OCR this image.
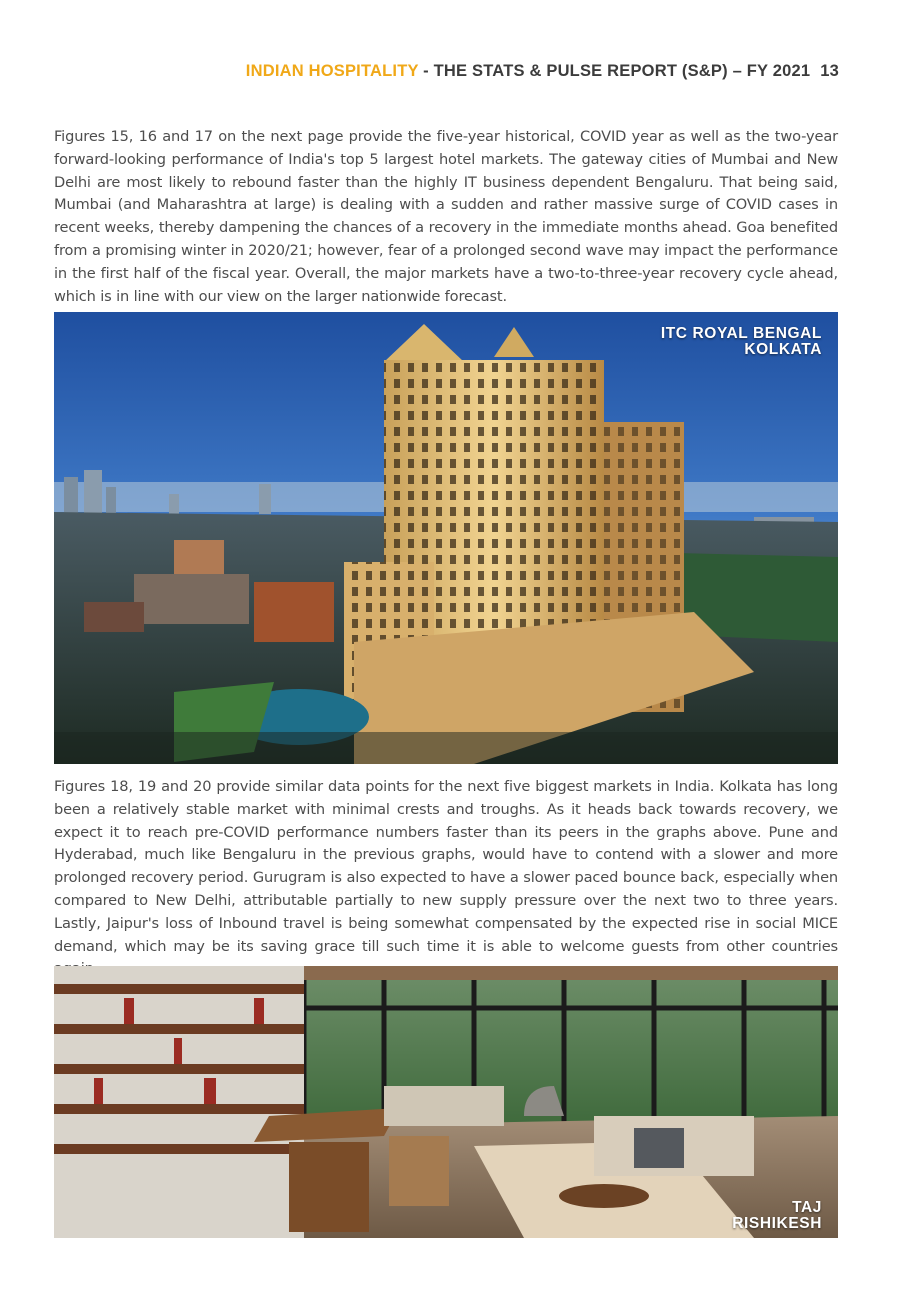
INDIAN HOSPITALITY - THE STATS & PULSE REPORT (S&P) – FY 2021 13

Figures 15, 16 and 17 on the next page provide the five-year historical, COVID year as well as the two-year forward-looking performance of India's top 5 largest hotel markets. The gateway cities of Mumbai and New Delhi are most likely to rebound faster than the highly IT business dependent Bengaluru. That being said, Mumbai (and Maharashtra at large) is dealing with a sudden and rather massive surge of COVID cases in recent weeks, thereby dampening the chances of a recovery in the immediate months ahead. Goa benefited from a promising winter in 2020/21; however, fear of a prolonged second wave may impact the performance in the first half of the fiscal year. Overall, the major markets have a two-to-three-year recovery cycle ahead, which is in line with our view on the larger nationwide forecast.

ITC ROYAL BENGAL
KOLKATA

Figures 18, 19 and 20 provide similar data points for the next five biggest markets in India. Kolkata has long been a relatively stable market with minimal crests and troughs. As it heads back towards recovery, we expect it to reach pre-COVID performance numbers faster than its peers in the graphs above. Pune and Hyderabad, much like Bengaluru in the previous graphs, would have to contend with a slower and more prolonged recovery period. Gurugram is also expected to have a slower paced bounce back, especially when compared to New Delhi, attributable partially to new supply pressure over the next two to three years. Lastly, Jaipur's loss of Inbound travel is being somewhat compensated by the expected rise in social MICE demand, which may be its saving grace till such time it is able to welcome guests from other countries

TAJ
RISHIKESH
